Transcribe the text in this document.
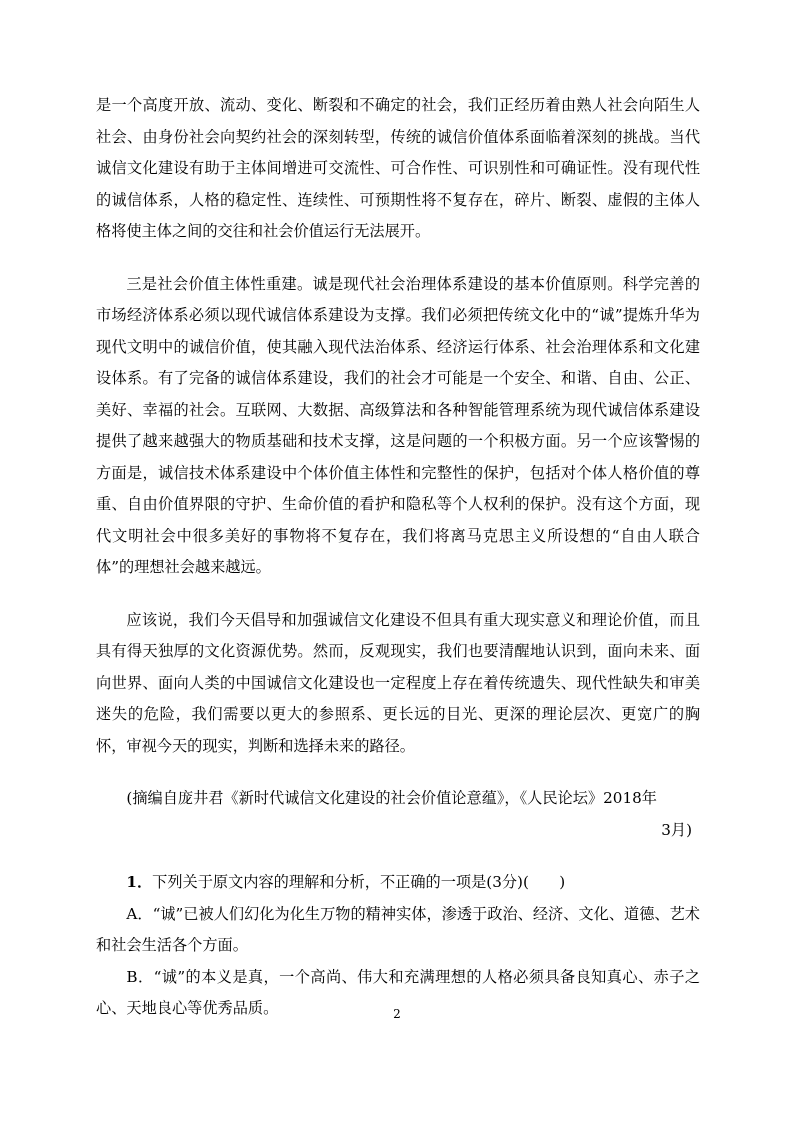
是一个高度开放、流动、变化、断裂和不确定的社会，我们正经历着由熟人社会向陌生人社会、由身份社会向契约社会的深刻转型，传统的诚信价值体系面临着深刻的挑战。当代诚信文化建设有助于主体间增进可交流性、可合作性、可识别性和可确证性。没有现代性的诚信体系，人格的稳定性、连续性、可预期性将不复存在，碎片、断裂、虚假的主体人格将使主体之间的交往和社会价值运行无法展开。

三是社会价值主体性重建。诚是现代社会治理体系建设的基本价值原则。科学完善的市场经济体系必须以现代诚信体系建设为支撑。我们必须把传统文化中的“诚”提炼升华为现代文明中的诚信价值，使其融入现代法治体系、经济运行体系、社会治理体系和文化建设体系。有了完备的诚信体系建设，我们的社会才可能是一个安全、和谐、自由、公正、美好、幸福的社会。互联网、大数据、高级算法和各种智能管理系统为现代诚信体系建设提供了越来越强大的物质基础和技术支撑，这是问题的一个积极方面。另一个应该警惕的方面是，诚信技术体系建设中个体价值主体性和完整性的保护，包括对个体人格价值的尊重、自由价值界限的守护、生命价值的看护和隐私等个人权利的保护。没有这个方面，现代文明社会中很多美好的事物将不复存在，我们将离马克思主义所设想的“自由人联合体”的理想社会越来越远。

应该说，我们今天倡导和加强诚信文化建设不但具有重大现实意义和理论价值，而且具有得天独厚的文化资源优势。然而，反观现实，我们也要清醒地认识到，面向未来、面向世界、面向人类的中国诚信文化建设也一定程度上存在着传统遗失、现代性缺失和审美迷失的危险，我们需要以更大的参照系、更长远的目光、更深的理论层次、更宽广的胸怀，审视今天的现实，判断和选择未来的路径。

(摘编自庞井君《新时代诚信文化建设的社会价值论意蕴》，《人民论坛》2018年

3月)

1．下列关于原文内容的理解和分析，不正确的一项是(3分)(　　)

A．“诚”已被人们幻化为化生万物的精神实体，渗透于政治、经济、文化、道德、艺术和社会生活各个方面。

B．“诚”的本义是真，一个高尚、伟大和充满理想的人格必须具备良知真心、赤子之心、天地良心等优秀品质。	2
